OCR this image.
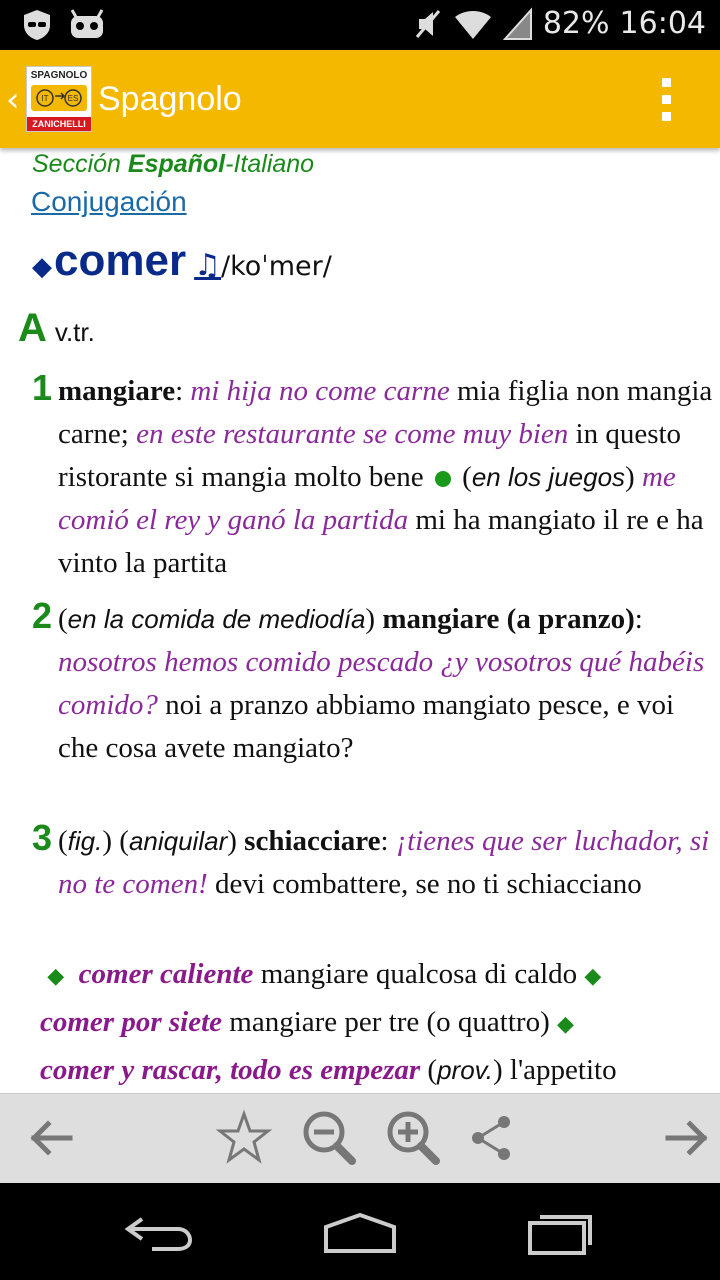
82% 16:04
‹
SPAGNOLO
IT ES
ZANICHELLI
Spagnolo
Sección Español-Italiano
Conjugación
◆ comer ♫ /koˈmer/
A v.tr.
1 mangiare: mi hija no come carne mia figlia non mangia carne; en este restaurante se come muy bien in questo ristorante si mangia molto bene  (en los juegos) me comió el rey y ganó la partida mi ha mangiato il re e ha vinto la partita
2 (en la comida de mediodía) mangiare (a pranzo): nosotros hemos comido pescado ¿y vosotros qué habéis comido? noi a pranzo abbiamo mangiato pesce, e voi che cosa avete mangiato?
3 (fig.) (aniquilar) schiacciare: ¡tienes que ser luchador, si no te comen! devi combattere, se no ti schiacciano
◆ comer caliente mangiare qualcosa di caldo ◆
comer por siete mangiare per tre (o quattro) ◆
comer y rascar, todo es empezar (prov.) l'appetito
